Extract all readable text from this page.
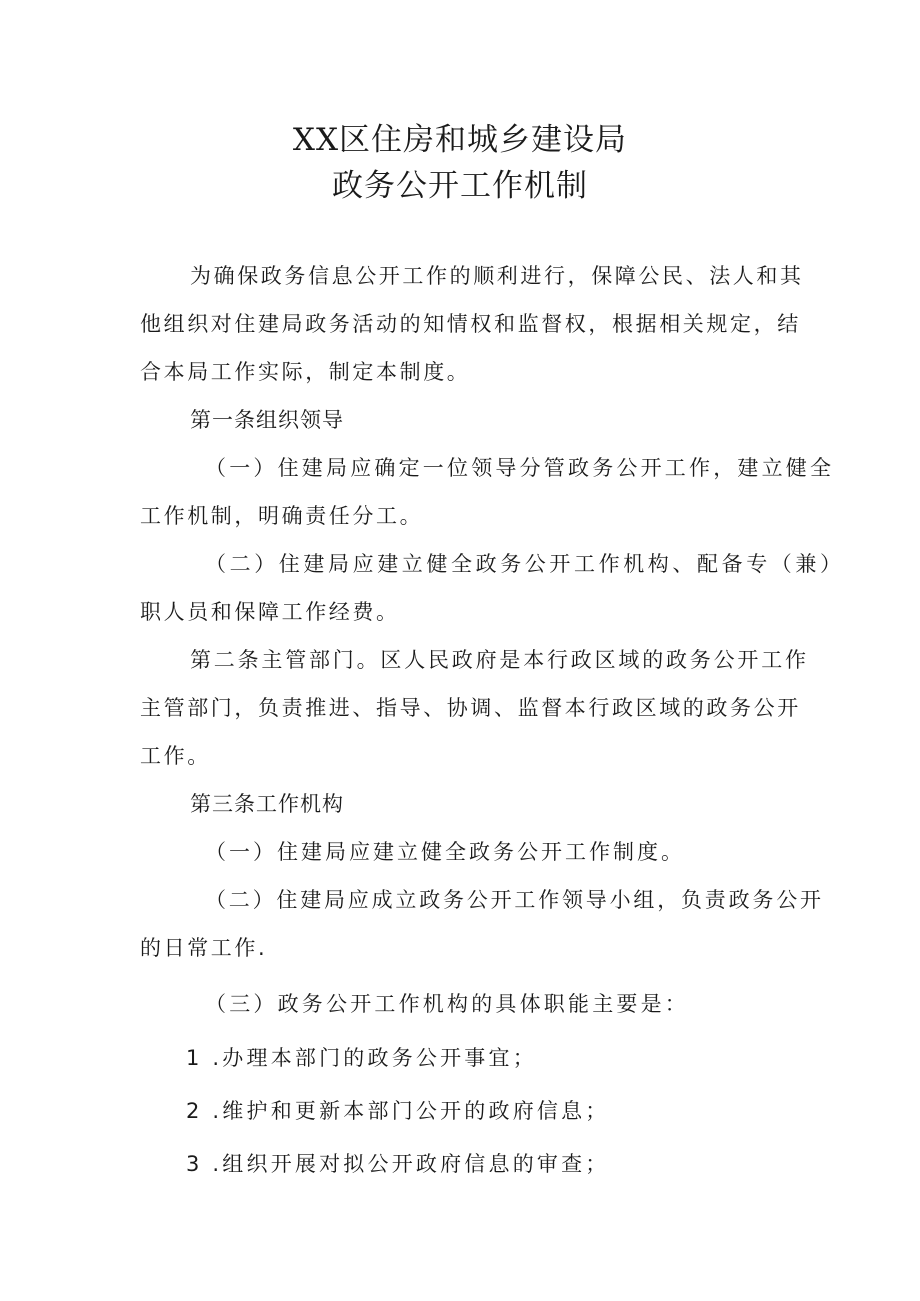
XX区住房和城乡建设局
政务公开工作机制
为确保政务信息公开工作的顺利进行，保障公民、法人和其
他组织对住建局政务活动的知情权和监督权，根据相关规定，结
合本局工作实际，制定本制度。
第一条组织领导
（一）住建局应确定一位领导分管政务公开工作，建立健全
工作机制，明确责任分工。
（二）住建局应建立健全政务公开工作机构、配备专（兼）
职人员和保障工作经费。
第二条主管部门。区人民政府是本行政区域的政务公开工作
主管部门，负责推进、指导、协调、监督本行政区域的政务公开
工作。
第三条工作机构
（一）住建局应建立健全政务公开工作制度。
（二）住建局应成立政务公开工作领导小组，负责政务公开
的日常工作.
（三）政务公开工作机构的具体职能主要是：
1 .办理本部门的政务公开事宜；
2 .维护和更新本部门公开的政府信息；
3 .组织开展对拟公开政府信息的审查；
